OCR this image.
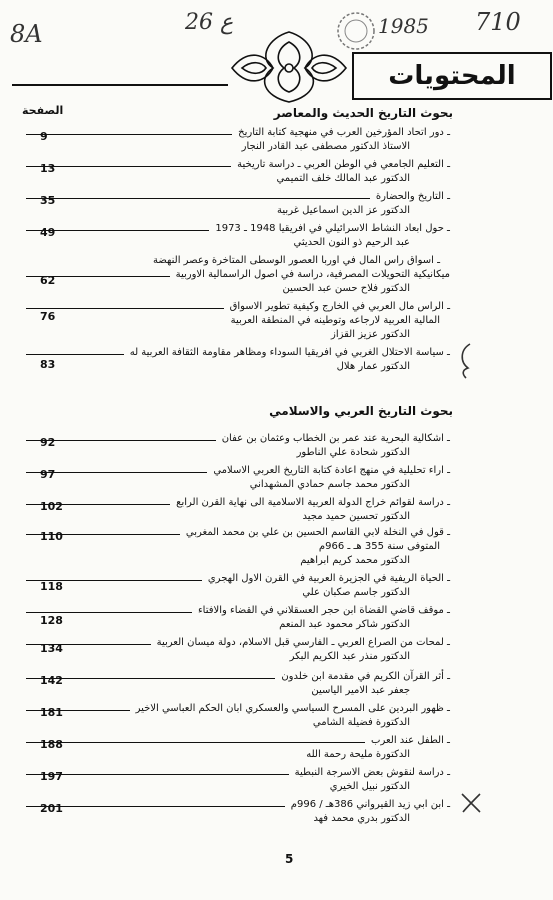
8A	26 ع	1985 710
المحتويات
الصفحة	بحوث التاريخ الحديث والمعاصر
ـ دور اتحاد المؤرخين العرب في منهجية كتابة التاريخ
الاستاذ الدكتور مصطفى عبد القادر النجار
9
ـ التعليم الجامعي في الوطن العربي ـ دراسة تاريخية
الدكتور عبد المالك خلف التميمي
13
ـ التاريخ والحضارة
الدكتور عز الدين اسماعيل غربية
35
ـ حول ابعاد النشاط الاسرائيلي في افريقيا 1948 ـ 1973
عبد الرحيم ذو النون الحديثي
49
ـ اسواق راس المال في اوربا العصور الوسطى المتاخرة وعصر النهضة
ميكانيكية التحويلات المصرفية، دراسة في اصول الراسمالية الاوربية
الدكتور فلاح حسن عبد الحسين
62
ـ الراس مال العربي في الخارج وكيفية تطوير الاسواق
المالية العربية لارجاعه وتوطينه في المنطقة العربية
الدكتور عزيز القزاز
76
ـ سياسة الاحتلال الغربي في افريقيا السوداء ومظاهر مقاومة الثقافة العربية له
الدكتور عمار هلال
83
بحوث التاريخ العربي والاسلامي
ـ اشكالية البحرية عند عمر بن الخطاب وعثمان بن عفان
الدكتور شحادة علي الناطور
92
ـ اراء تحليلية في منهج اعادة كتابة التاريخ العربي الاسلامي
الدكتور محمد جاسم حمادي المشهداني
97
ـ دراسة لقوائم خراج الدولة العربية الاسلامية الى نهاية القرن الرابع
الدكتور تحسين حميد مجيد
102
ـ قول في النخلة لابي القاسم الحسين بن علي بن محمد المغربي
المتوفى سنة 355 هـ ـ 966م
الدكتور محمد كريم ابراهيم
110
ـ الحياة الريفية في الجزيرة العربية في القرن الاول الهجري
الدكتور جاسم صكبان علي
118
ـ موقف قاضي القضاة ابن حجر العسقلاني في القضاء والافتاء
الدكتور شاكر محمود عبد المنعم
128
ـ لمحات من الصراع العربي ـ الفارسي قبل الاسلام، دولة ميسان العربية
الدكتور منذر عبد الكريم البكر
134
ـ أثر القرآن الكريم في مقدمة ابن خلدون
جعفر عبد الامير الياسين
142
ـ ظهور البردين على المسرح السياسي والعسكري ابان الحكم العباسي الاخير
الدكتورة فضيلة الشامي
181
ـ الطفل عند العرب
الدكتورة مليحة رحمة الله
188
ـ دراسة لنقوش بعض الاسرجة النبطية
الدكتور نبيل الخيري
197
ـ ابن ابي زيد القيرواني 386هـ / 996م
الدكتور بدري محمد فهد
201
5
